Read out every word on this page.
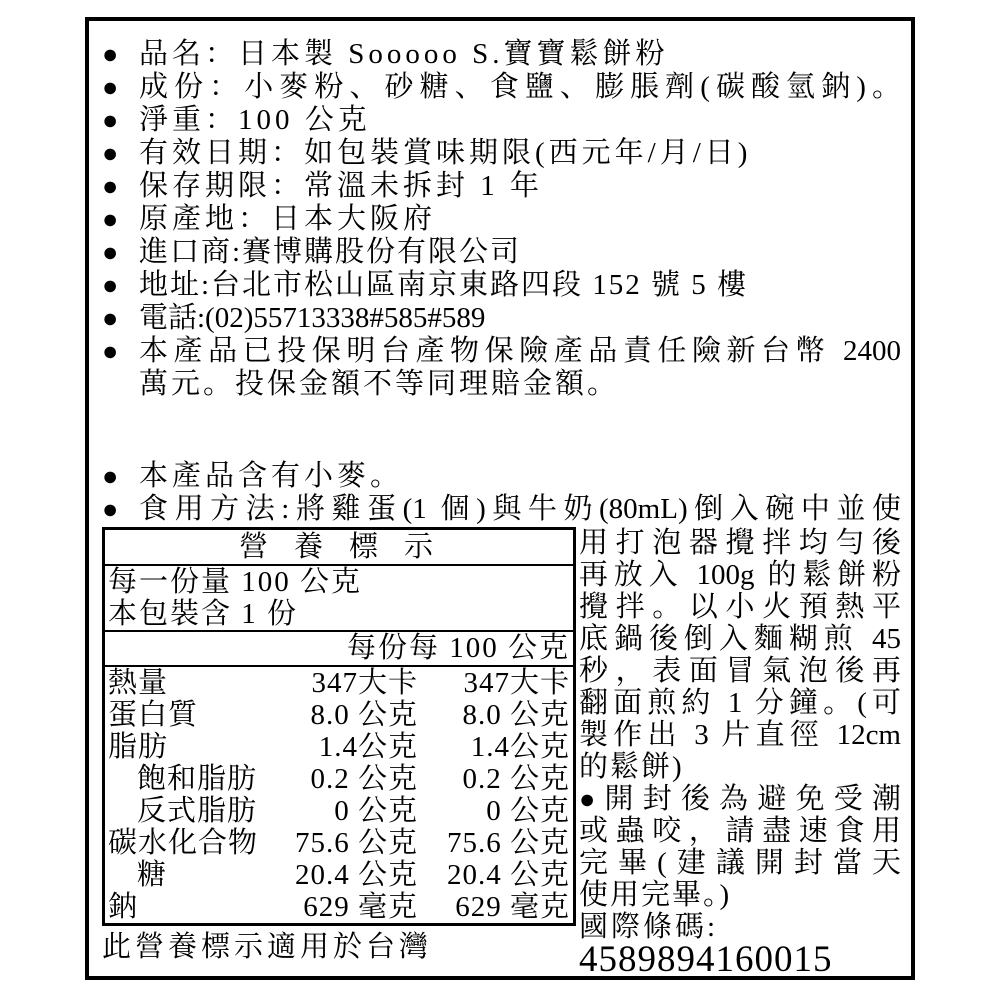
● 品名：日本製 Sooooo S.寶寶鬆餅粉
● 成份：小麥粉、砂糖、食鹽、膨脹劑(碳酸氫鈉)。
● 淨重：100 公克
● 有效日期：如包裝賞味期限(西元年/月/日)
● 保存期限：常溫未拆封 1 年
● 原產地：日本大阪府
● 進口商:賽博購股份有限公司
● 地址:台北市松山區南京東路四段 152 號 5 樓
● 電話:(02)55713338#585#589
● 本產品已投保明台產物保險產品責任險新台幣 2400
萬元。投保金額不等同理賠金額。
● 本產品含有小麥。
● 食用方法:將雞蛋(1 個)與牛奶(80mL)倒入碗中並使
營養標示
每一份量 100 公克
本包裝含 1 份
每份 每 100 公克
熱量	347大卡	347大卡
蛋白質	8.0 公克	8.0 公克
脂肪	1.4公克	1.4公克
飽和脂肪	0.2 公克	0.2 公克
反式脂肪	0 公克	0 公克
碳水化合物	75.6 公克 75.6 公克
糖	20.4 公克 20.4 公克
鈉	629 毫克	629 毫克
此營養標示適用於台灣
用打泡器攪拌均勻後
再放入 100g 的鬆餅粉
攪拌。以小火預熱平
底鍋後倒入麵糊煎 45
秒，表面冒氣泡後再
翻面煎約 1 分鐘。(可
製作出 3 片直徑 12cm
的鬆餅)
●開封後為避免受潮
或蟲咬，請盡速食用
完畢(建議開封當天
使用完畢。)
國際條碼:
4589894160015
